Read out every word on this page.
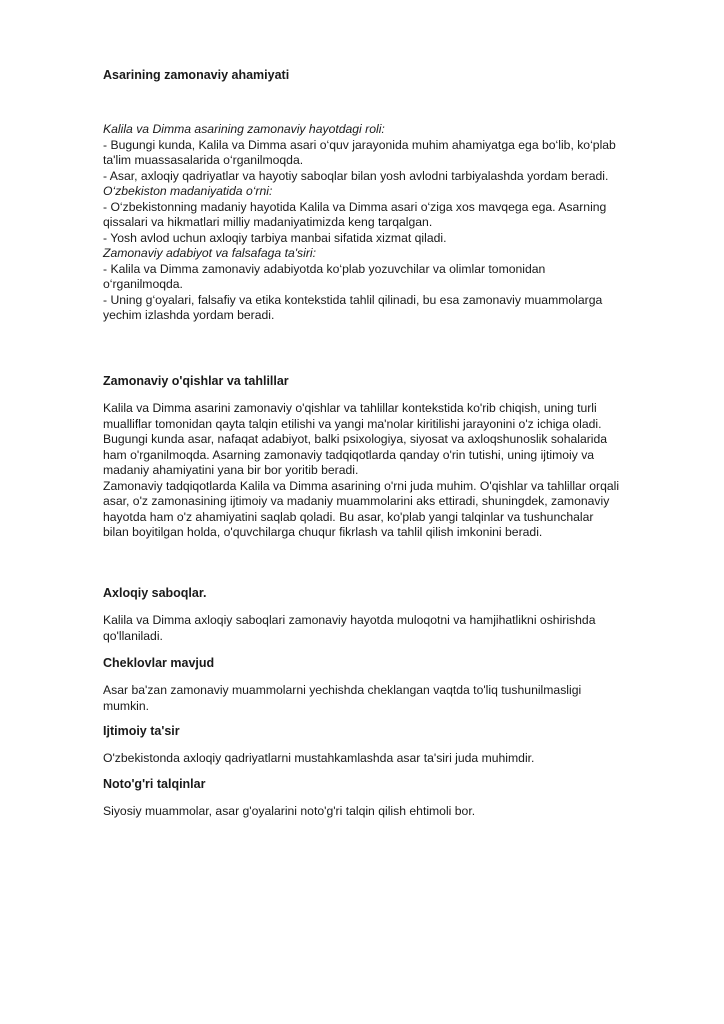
Asarining zamonaviy ahamiyati

Kalila va Dimma asarining zamonaviy hayotdagi roli:

- Bugungi kunda, Kalila va Dimma asari o‘quv jarayonida muhim ahamiyatga ega bo‘lib, ko‘plab

ta'lim muassasalarida o‘rganilmoqda.

- Asar, axloqiy qadriyatlar va hayotiy saboqlar bilan yosh avlodni tarbiyalashda yordam beradi.

O‘zbekiston madaniyatida o‘rni:

- O‘zbekistonning madaniy hayotida Kalila va Dimma asari o‘ziga xos mavqega ega. Asarning

qissalari va hikmatlari milliy madaniyatimizda keng tarqalgan.

- Yosh avlod uchun axloqiy tarbiya manbai sifatida xizmat qiladi.

Zamonaviy adabiyot va falsafaga ta'siri:

- Kalila va Dimma zamonaviy adabiyotda ko‘plab yozuvchilar va olimlar tomonidan

o‘rganilmoqda.

- Uning g‘oyalari, falsafiy va etika kontekstida tahlil qilinadi, bu esa zamonaviy muammolarga

yechim izlashda yordam beradi.

Zamonaviy o'qishlar va tahlillar

Kalila va Dimma asarini zamonaviy o'qishlar va tahlillar kontekstida ko'rib chiqish, uning turli

mualliflar tomonidan qayta talqin etilishi va yangi ma'nolar kiritilishi jarayonini o'z ichiga oladi.

Bugungi kunda asar, nafaqat adabiyot, balki psixologiya, siyosat va axloqshunoslik sohalarida

ham o'rganilmoqda. Asarning zamonaviy tadqiqotlarda qanday o'rin tutishi, uning ijtimoiy va

madaniy ahamiyatini yana bir bor yoritib beradi.

Zamonaviy tadqiqotlarda Kalila va Dimma asarining o'rni juda muhim. O'qishlar va tahlillar orqali

asar, o'z zamonasining ijtimoiy va madaniy muammolarini aks ettiradi, shuningdek, zamonaviy

hayotda ham o'z ahamiyatini saqlab qoladi. Bu asar, ko'plab yangi talqinlar va tushunchalar

bilan boyitilgan holda, o'quvchilarga chuqur fikrlash va tahlil qilish imkonini beradi.

Axloqiy saboqlar.

Kalila va Dimma axloqiy saboqlari zamonaviy hayotda muloqotni va hamjihatlikni oshirishda

qo'llaniladi.

Cheklovlar mavjud

Asar ba'zan zamonaviy muammolarni yechishda cheklangan vaqtda to'liq tushunilmasligi

mumkin.

Ijtimoiy ta'sir

O'zbekistonda axloqiy qadriyatlarni mustahkamlashda asar ta'siri juda muhimdir.

Noto'g'ri talqinlar

Siyosiy muammolar, asar g'oyalarini noto'g'ri talqin qilish ehtimoli bor.
